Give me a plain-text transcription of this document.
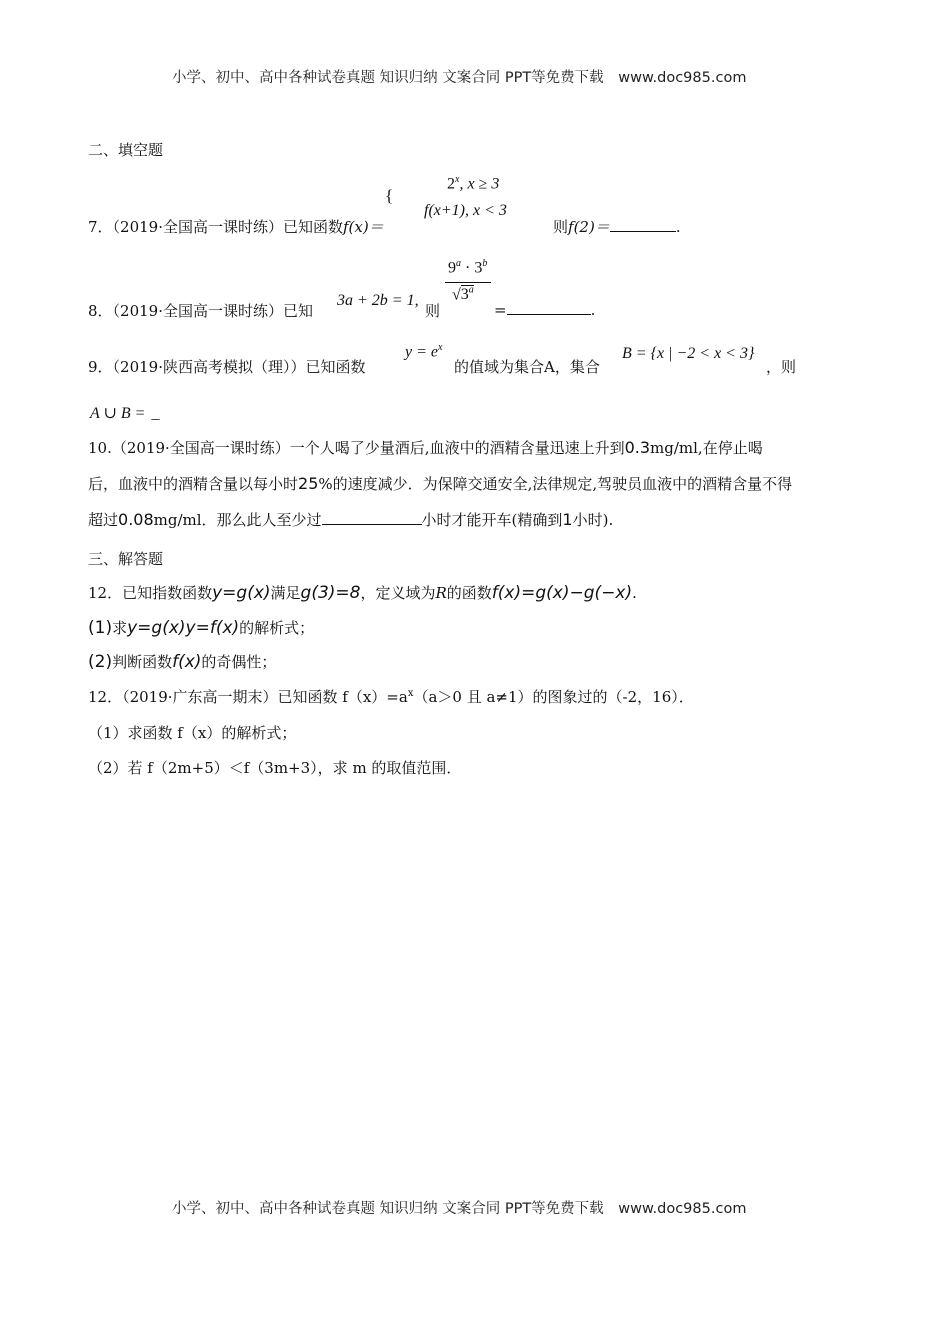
小学、初中、高中各种试卷真题 知识归纳 文案合同 PPT等免费下载 www.doc985.com
二、填空题
7．（2019·全国高一课时练）已知函数f(x)＝
{
2$^x$, x ≥ 3
f(x+1), x < 3
则f(2)＝	.
8．（2019·全国高一课时练）已知
3a + 2b = 1,
则
$9^a \cdot 3^b$
$√3^a$
=	.
9．（2019·陕西高考模拟（理））已知函数
$y = e^x$
的值域为集合A，集合
B = {x | −2 < x < 3}
，则
A ∪ B = _
10.（2019·全国高一课时练）一个人喝了少量酒后,血液中的酒精含量迅速上升到0.3mg/ml,在停止喝
后，血液中的酒精含量以每小时25%的速度减少．为保障交通安全,法律规定,驾驶员血液中的酒精含量不得
超过0.08mg/ml．那么此人至少过	小时才能开车(精确到1小时).
三、解答题
12．已知指数函数y=g(x)满足g(3)=8，定义域为R的函数f(x)=g(x)−g(−x).
(1)求y=g(x)y=f(x)的解析式；
(2)判断函数f(x)的奇偶性；
12．（2019·广东高一期末）已知函数 $f(x)=a^x(a>0$ 且 a≠1）的图象过的（-2，16）．
（1）求函数 f（x）的解析式；
（2）若 f（2m+5）＜f（3m+3），求 m 的取值范围．
小学、初中、高中各种试卷真题 知识归纳 文案合同 PPT等免费下载 www.doc985.com
